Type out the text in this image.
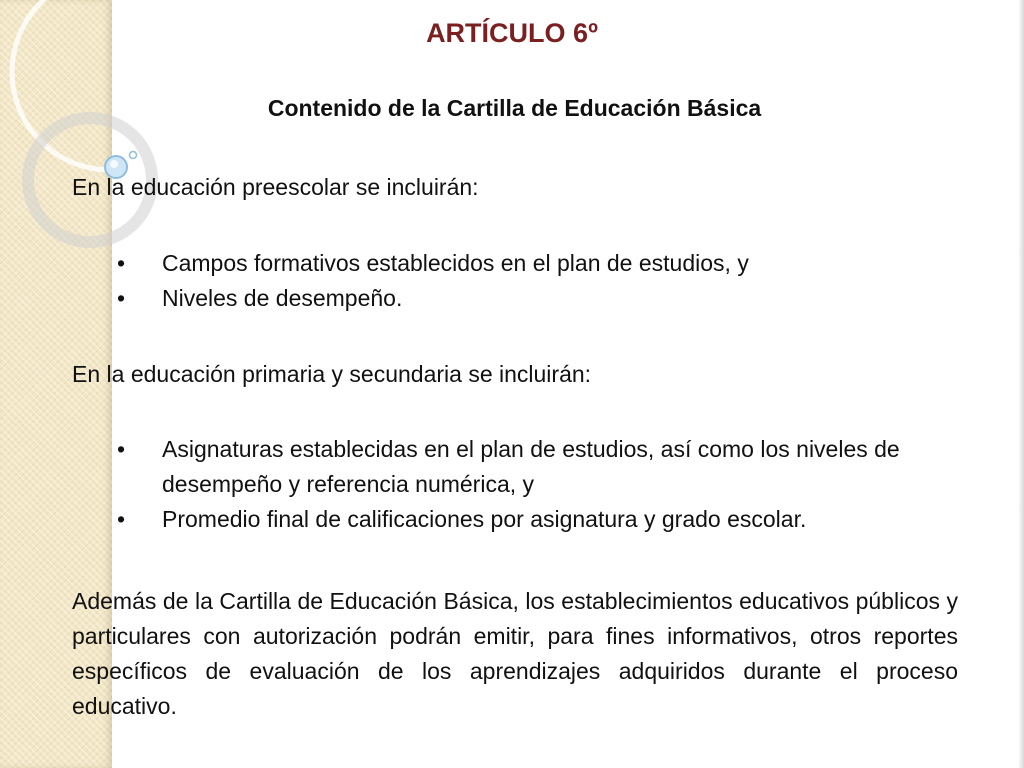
ARTÍCULO 6º
Contenido de la Cartilla de Educación Básica

En la educación preescolar se incluirán:

• Campos formativos establecidos en el plan de estudios, y
• Niveles de desempeño.

En la educación primaria y secundaria se incluirán:

• Asignaturas establecidas en el plan de estudios, así como los niveles de desempeño y referencia numérica, y
• Promedio final de calificaciones por asignatura y grado escolar.

Además de la Cartilla de Educación Básica, los establecimientos educativos públicos y particulares con autorización podrán emitir, para fines informativos, otros reportes específicos de evaluación de los aprendizajes adquiridos durante el proceso educativo.
